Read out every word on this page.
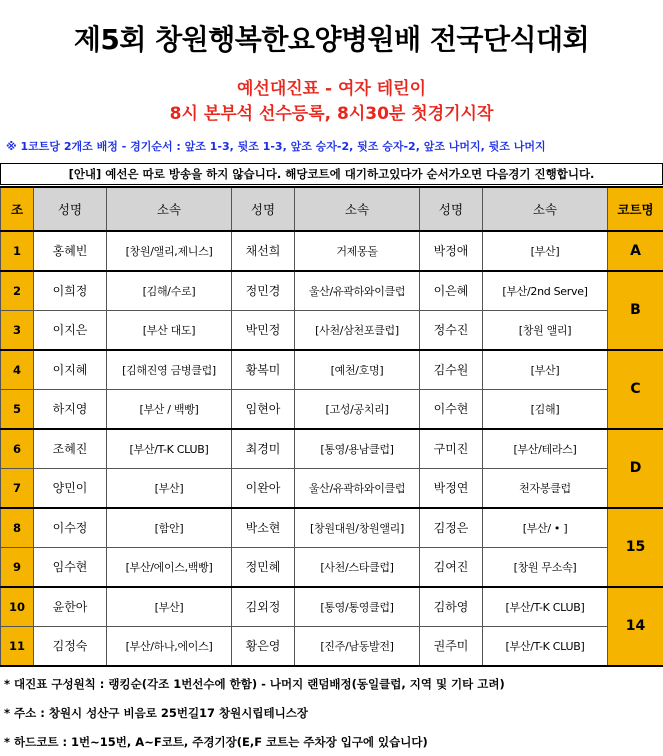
제5회 창원행복한요양병원배 전국단식대회
예선대진표 - 여자 테린이
8시 본부석 선수등록, 8시30분 첫경기시작
※ 1코트당 2개조 배정 - 경기순서 : 앞조 1-3, 뒷조 1-3, 앞조 승자-2, 뒷조 승자-2, 앞조 나머지, 뒷조 나머지
[안내] 예선은 따로 방송을 하지 않습니다. 해당코트에 대기하고있다가 순서가오면 다음경기 진행합니다.
조	성명	소속	성명	소속	성명	소속	코트명
1	홍혜빈	[창원/앨리,제니스]	채선희	거제몽돌	박정애	[부산]	A
2	이희정	[김해/수로]	정민경	울산/유곽하와이클럽	이은혜	[부산/2nd Serve]	B
3	이지은	[부산 대도]	박민정	[사천/삼천포클럽]	정수진	[창원 앨리]	
4	이지혜	[김해진영 금병클럽]	황복미	[예천/호명]	김수원	[부산]	C
5	하지영	[부산 / 백빵]	임현아	[고성/공치리]	이수현	[김해]	
6	조혜진	[부산/T-K CLUB]	최경미	[통영/용남클럽]	구미진	[부산/테라스]	D
7	양민이	[부산]	이완아	울산/유곽하와이클럽	박정연	천자봉클럽	
8	이수정	[함안]	박소현	[창원대원/창원앨리]	김정은	[부산/ • ]	15
9	임수현	[부산/에이스,백빵]	정민혜	[사천/스타클럽]	김여진	[창원 무소속]	
10	윤한아	[부산]	김외정	[통영/통영클럽]	김하영	[부산/T-K CLUB]	14
11	김정숙	[부산/하나,에이스]	황은영	[진주/남동발전]	권주미	[부산/T-K CLUB]	
* 대진표 구성원칙 : 랭킹순(각조 1번선수에 한함) - 나머지 랜덤배정(동일클럽, 지역 및 기타 고려)
* 주소 : 창원시 성산구 비음로 25번길17 창원시립테니스장
* 하드코트 : 1번~15번, A~F코트, 주경기장(E,F 코트는 주차장 입구에 있습니다)
